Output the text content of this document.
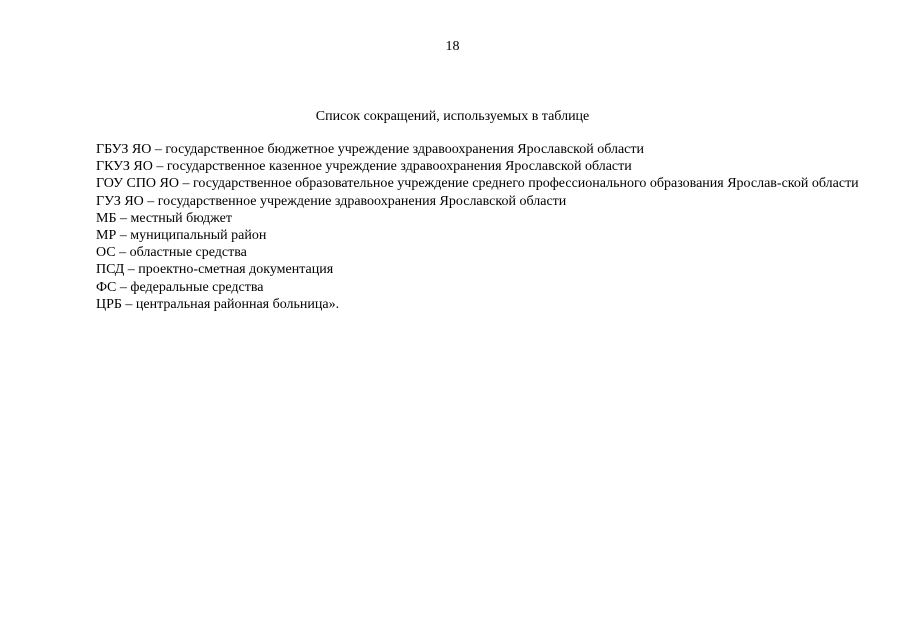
18
Список сокращений, используемых в таблице
ГБУЗ ЯО – государственное бюджетное учреждение здравоохранения Ярославской области
ГКУЗ ЯО – государственное казенное учреждение здравоохранения Ярославской области
ГОУ СПО ЯО – государственное образовательное учреждение среднего профессионального образования Ярослав-ской области
ГУЗ ЯО – государственное учреждение здравоохранения Ярославской области
МБ – местный бюджет
МР – муниципальный район
ОС – областные средства
ПСД – проектно-сметная документация
ФС – федеральные средства
ЦРБ – центральная районная больница».
